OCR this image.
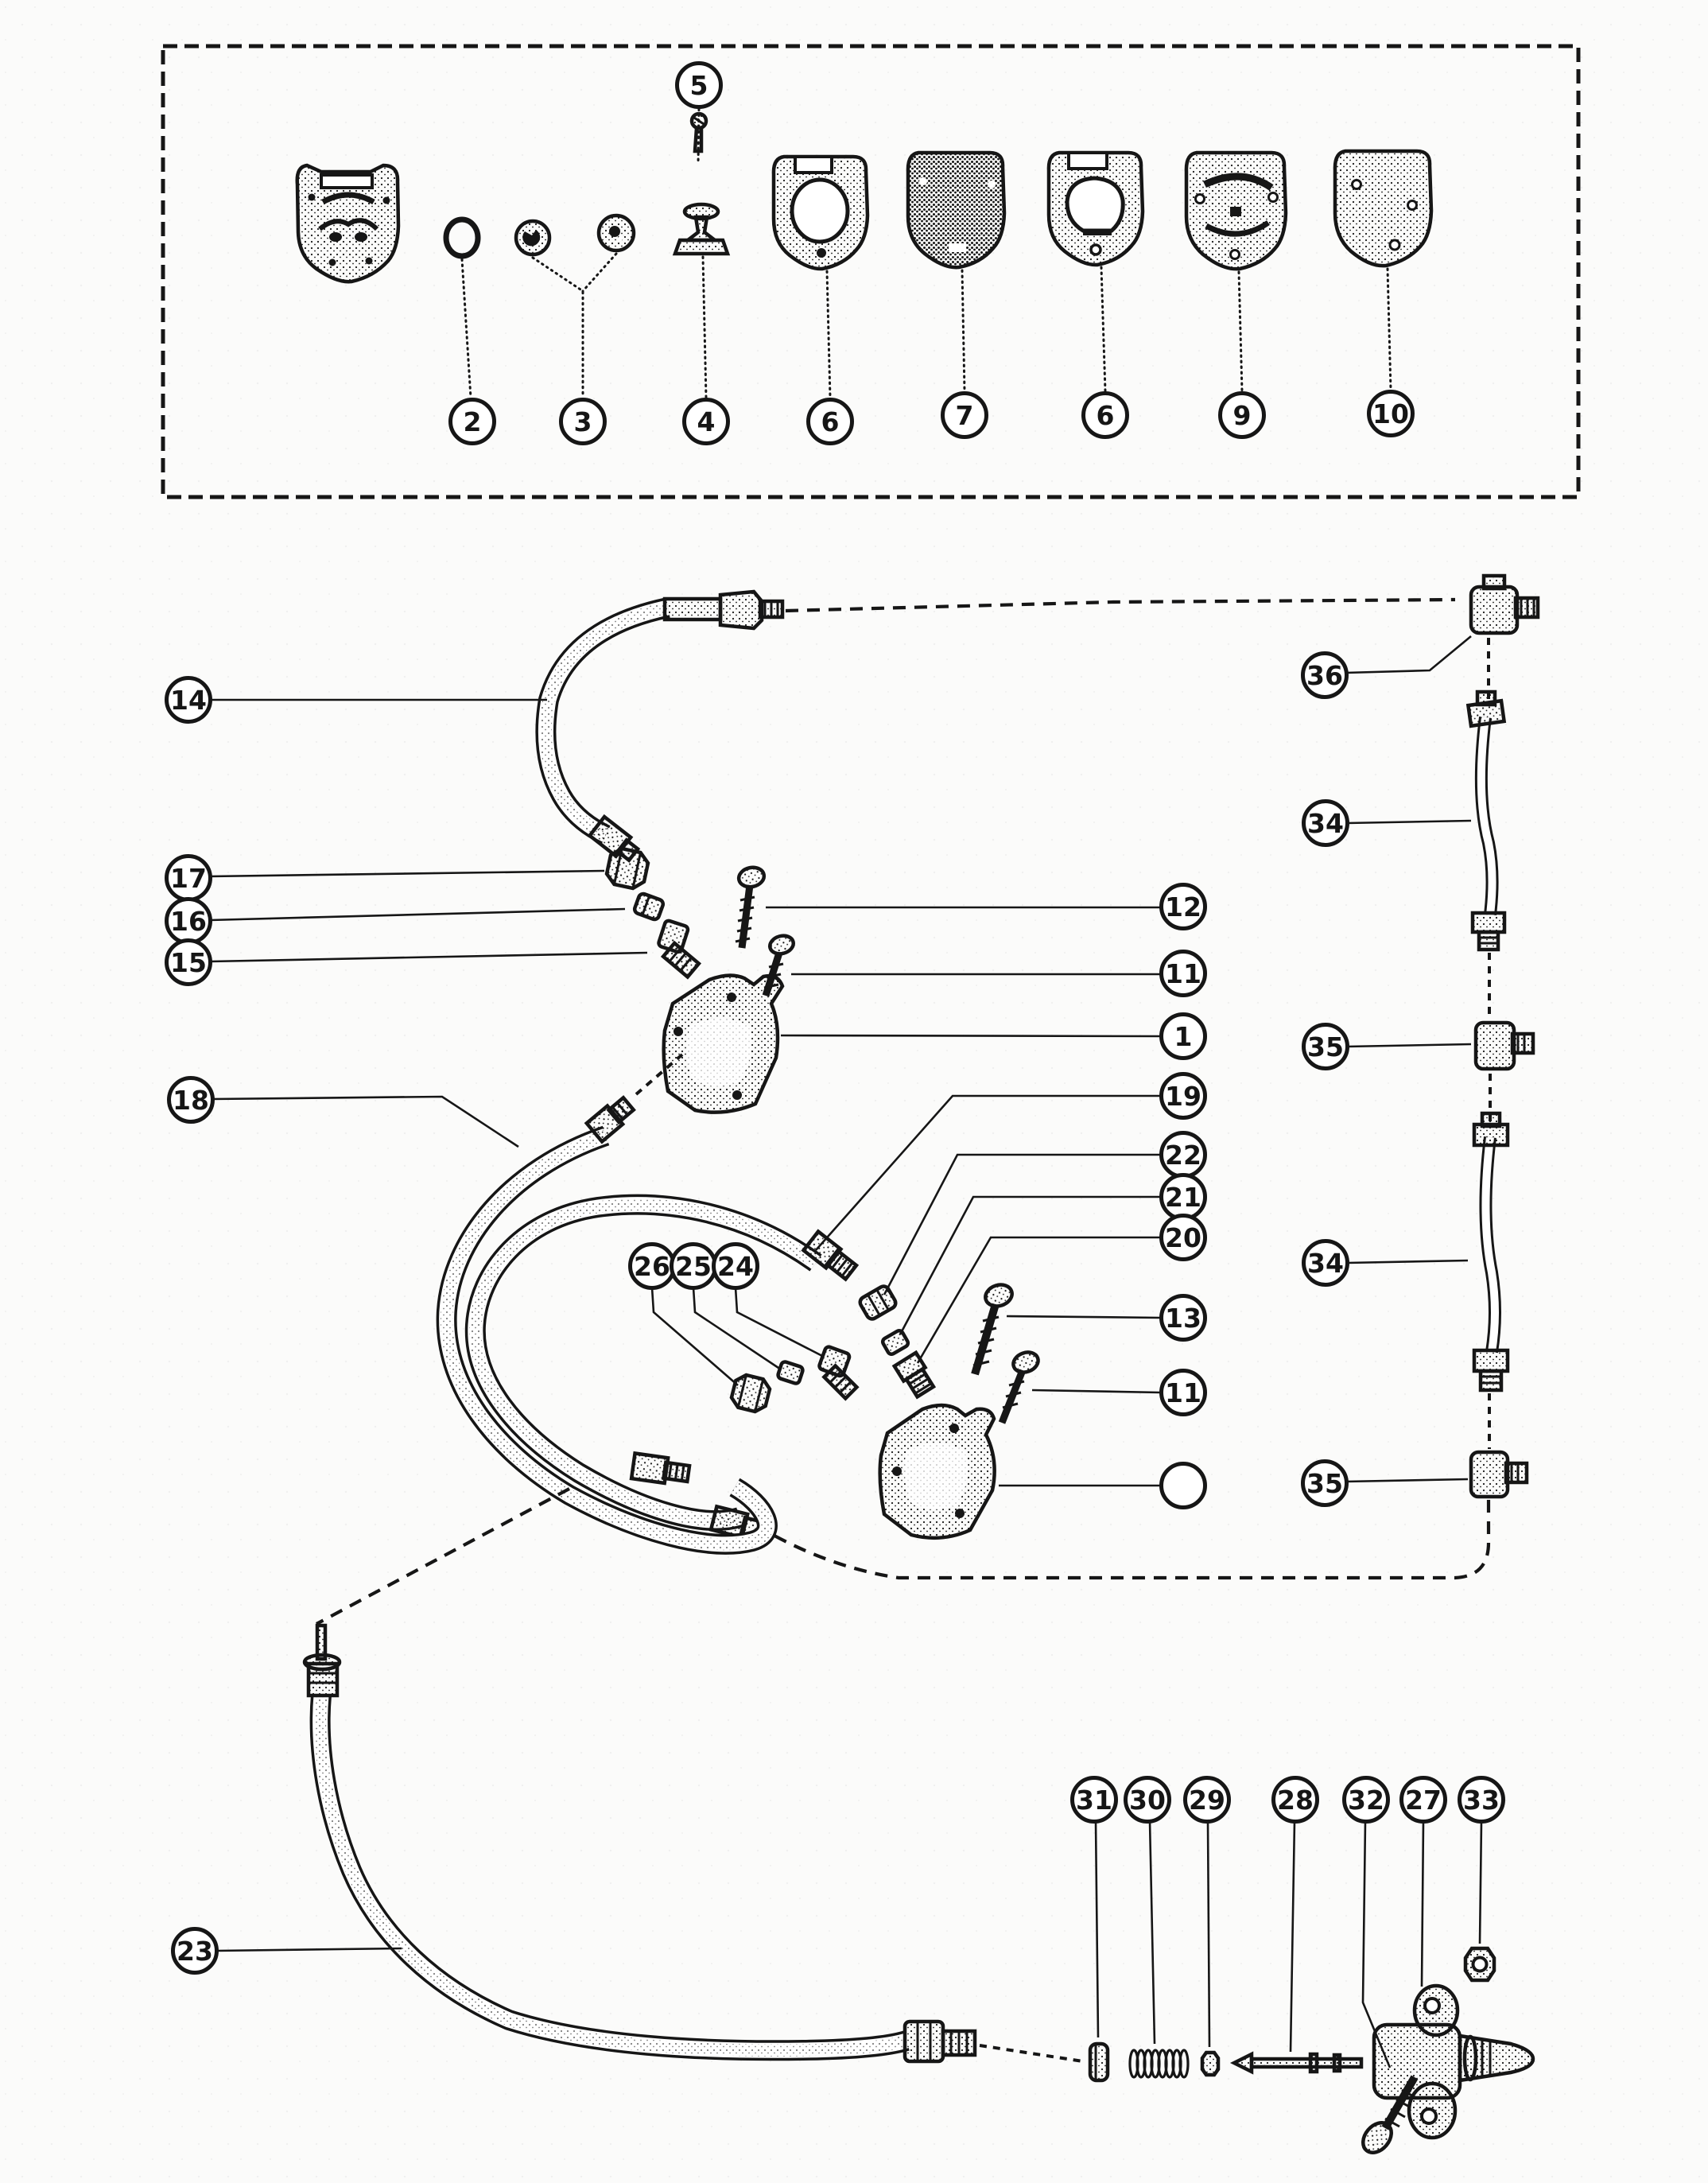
5
2	3	4	6	7	6	9	10
14
17
16
15
12
11
1
18	19
22
21
20
26 25 24
13
11
36
34
35
34
35
23
31 30 29 28 32 27 33
